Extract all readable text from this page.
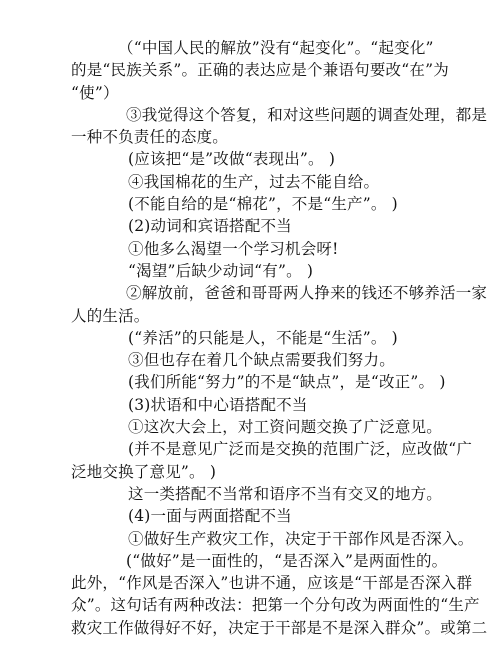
（“中国人民的解放”没有“起变化”。“起变化”
的是“民族关系”。正确的表达应是个兼语句要改“在”为
“使”）
③我觉得这个答复，和对这些问题的调查处理，都是
一种不负责任的态度。
(应该把“是”改做“表现出”。 )
④我国棉花的生产，过去不能自给。
(不能自给的是“棉花”，不是“生产”。 )
(2)动词和宾语搭配不当
①他多么渴望一个学习机会呀!
“渴望”后缺少动词“有”。 )
②解放前，爸爸和哥哥两人挣来的钱还不够养活一家
人的生活。
(“养活”的只能是人，不能是“生活”。 )
③但也存在着几个缺点需要我们努力。
(我们所能“努力”的不是“缺点”，是“改正”。 )
(3)状语和中心语搭配不当
①这次大会上，对工资问题交换了广泛意见。
(并不是意见广泛而是交换的范围广泛，应改做“广
泛地交换了意见”。 )
这一类搭配不当常和语序不当有交叉的地方。
(4)一面与两面搭配不当
①做好生产救灾工作，决定于干部作风是否深入。
(“做好”是一面性的，“是否深入”是两面性的。
此外，“作风是否深入”也讲不通，应该是“干部是否深入群
众”。这句话有两种改法：把第一个分句改为两面性的“生产
救灾工作做得好不好，决定于干部是不是深入群众”。或第二
